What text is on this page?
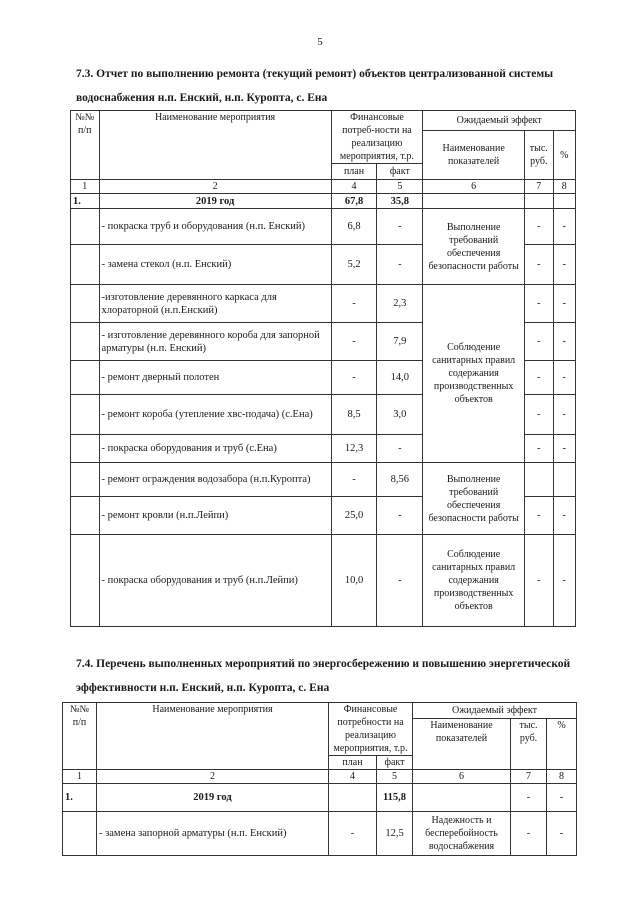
5
7.3. Отчет по выполнению ремонта (текущий ремонт) объектов централизованной системы
водоснабжения н.п. Енский, н.п. Куропта, с. Ена
№№ п/п	Наименование мероприятия	Финансовые потреб-ности на реализацию мероприятия, т.р.		Ожидаемый эффект		
				Наименование показателей	тыс. руб.	%
		план	факт			
1	2	4	5	6	7	8
1.	2019 год	67,8	35,8			
	- покраска труб и оборудования (н.п. Енский)	6,8	-	Выполнение требований обеспечения безопасности работы	-	-
	- замена стекол (н.п. Енский)	5,2	-		-	-
	-изготовление деревянного каркаса для хлораторной (н.п.Енский)	-	2,3	Соблюдение санитарных правил содержания производственных объектов	-	-
	- изготовление деревянного короба для запорной арматуры (н.п. Енский)	-	7,9		-	-
	- ремонт дверный полотен	-	14,0		-	-
	- ремонт короба (утепление хвс-подача) (с.Ена)	8,5	3,0		-	-
	- покраска оборудования и труб (с.Ена)	12,3	-		-	-
	- ремонт ограждения водозабора (н.п.Куропта)	-	8,56	Выполнение требований обеспечения безопасности работы		
	- ремонт кровли (н.п.Лейпи)	25,0	-		-	-
	- покраска оборудования и труб (н.п.Лейпи)	10,0	-	Соблюдение санитарных правил содержания производственных объектов	-	-
7.4. Перечень выполненных мероприятий по энергосбережению и повышению энергетической
эффективности н.п. Енский, н.п. Куропта, с. Ена
№№ п/п	Наименование мероприятия	Финансовые потребности на реализацию мероприятия, т.р.		Ожидаемый эффект		
				Наименование показателей	тыс. руб.	%
		план	факт			
1	2	4	5	6	7	8
1.	2019 год		115,8		-	-
	- замена запорной арматуры (н.п. Енский)	-	12,5	Надежность и бесперебойность водоснабжения	-	-
